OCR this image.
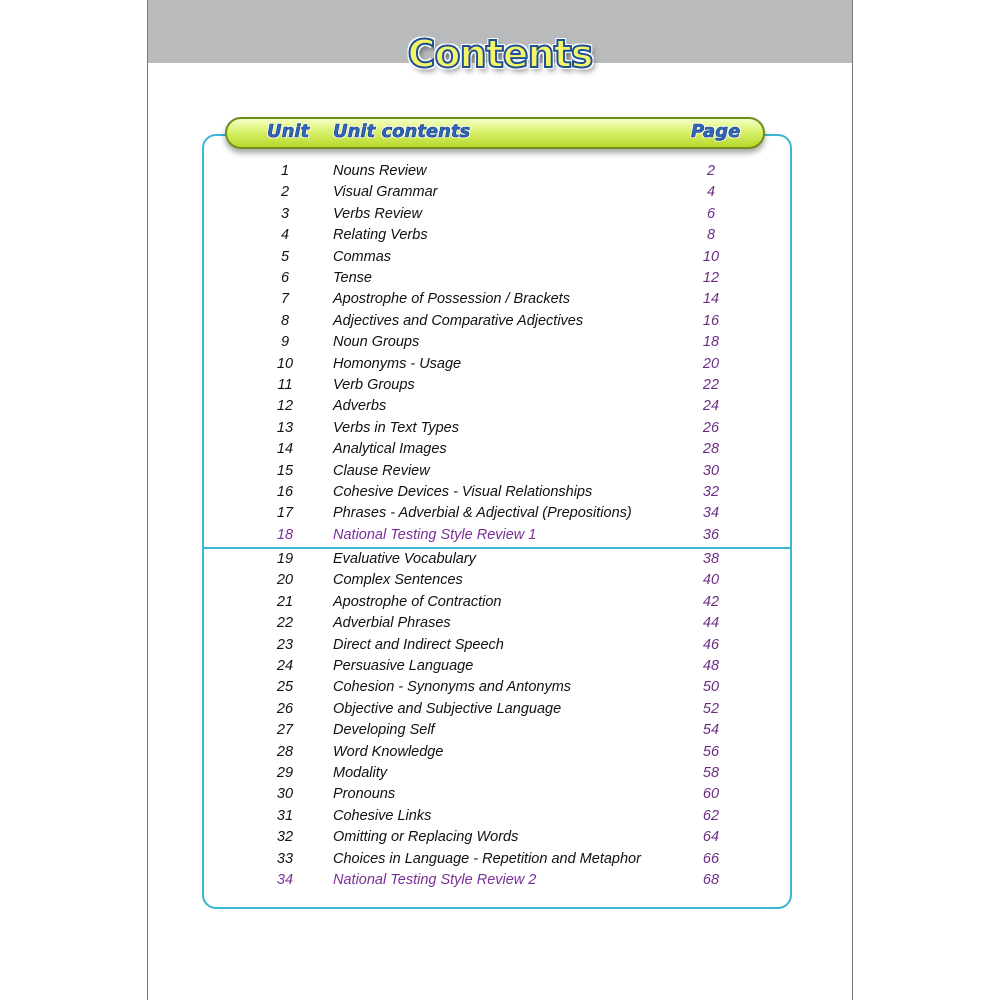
Contents
Unit Unit contents	Page
1	Nouns Review	2
2	Visual Grammar	4
3	Verbs Review	6
4	Relating Verbs	8
5	Commas	10
6	Tense	12
7	Apostrophe of Possession / Brackets	14
8	Adjectives and Comparative Adjectives	16
9	Noun Groups	18
10	Homonyms - Usage	20
11	Verb Groups	22
12	Adverbs	24
13	Verbs in Text Types	26
14	Analytical Images	28
15	Clause Review	30
16	Cohesive Devices - Visual Relationships	32
17	Phrases - Adverbial & Adjectival (Prepositions)	34
18	National Testing Style Review 1	36
19	Evaluative Vocabulary	38
20	Complex Sentences	40
21	Apostrophe of Contraction	42
22	Adverbial Phrases	44
23	Direct and Indirect Speech	46
24	Persuasive Language	48
25	Cohesion - Synonyms and Antonyms	50
26	Objective and Subjective Language	52
27	Developing Self	54
28	Word Knowledge	56
29	Modality	58
30	Pronouns	60
31	Cohesive Links	62
32	Omitting or Replacing Words	64
33	Choices in Language - Repetition and Metaphor	66
34	National Testing Style Review 2	68
